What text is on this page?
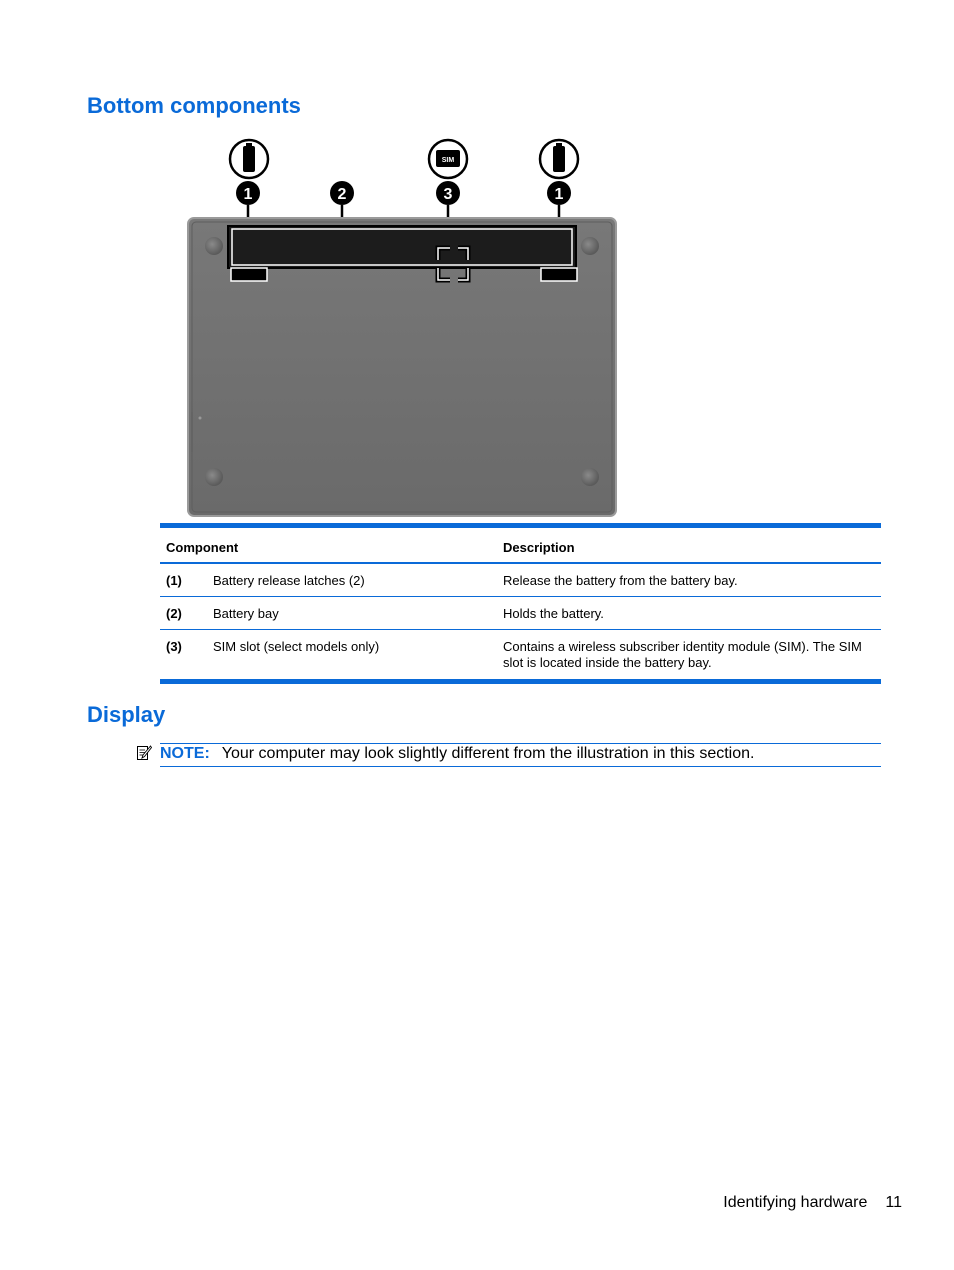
Bottom components
SIM
1	2	3	1
Component		Description
(1)	Battery release latches (2)	Release the battery from the battery bay.
(2)	Battery bay	Holds the battery.
(3)	SIM slot (select models only)	Contains a wireless subscriber identity module (SIM). The SIM slot is located inside the battery bay.
Display
NOTE: Your computer may look slightly different from the illustration in this section.
Identifying hardware 11
